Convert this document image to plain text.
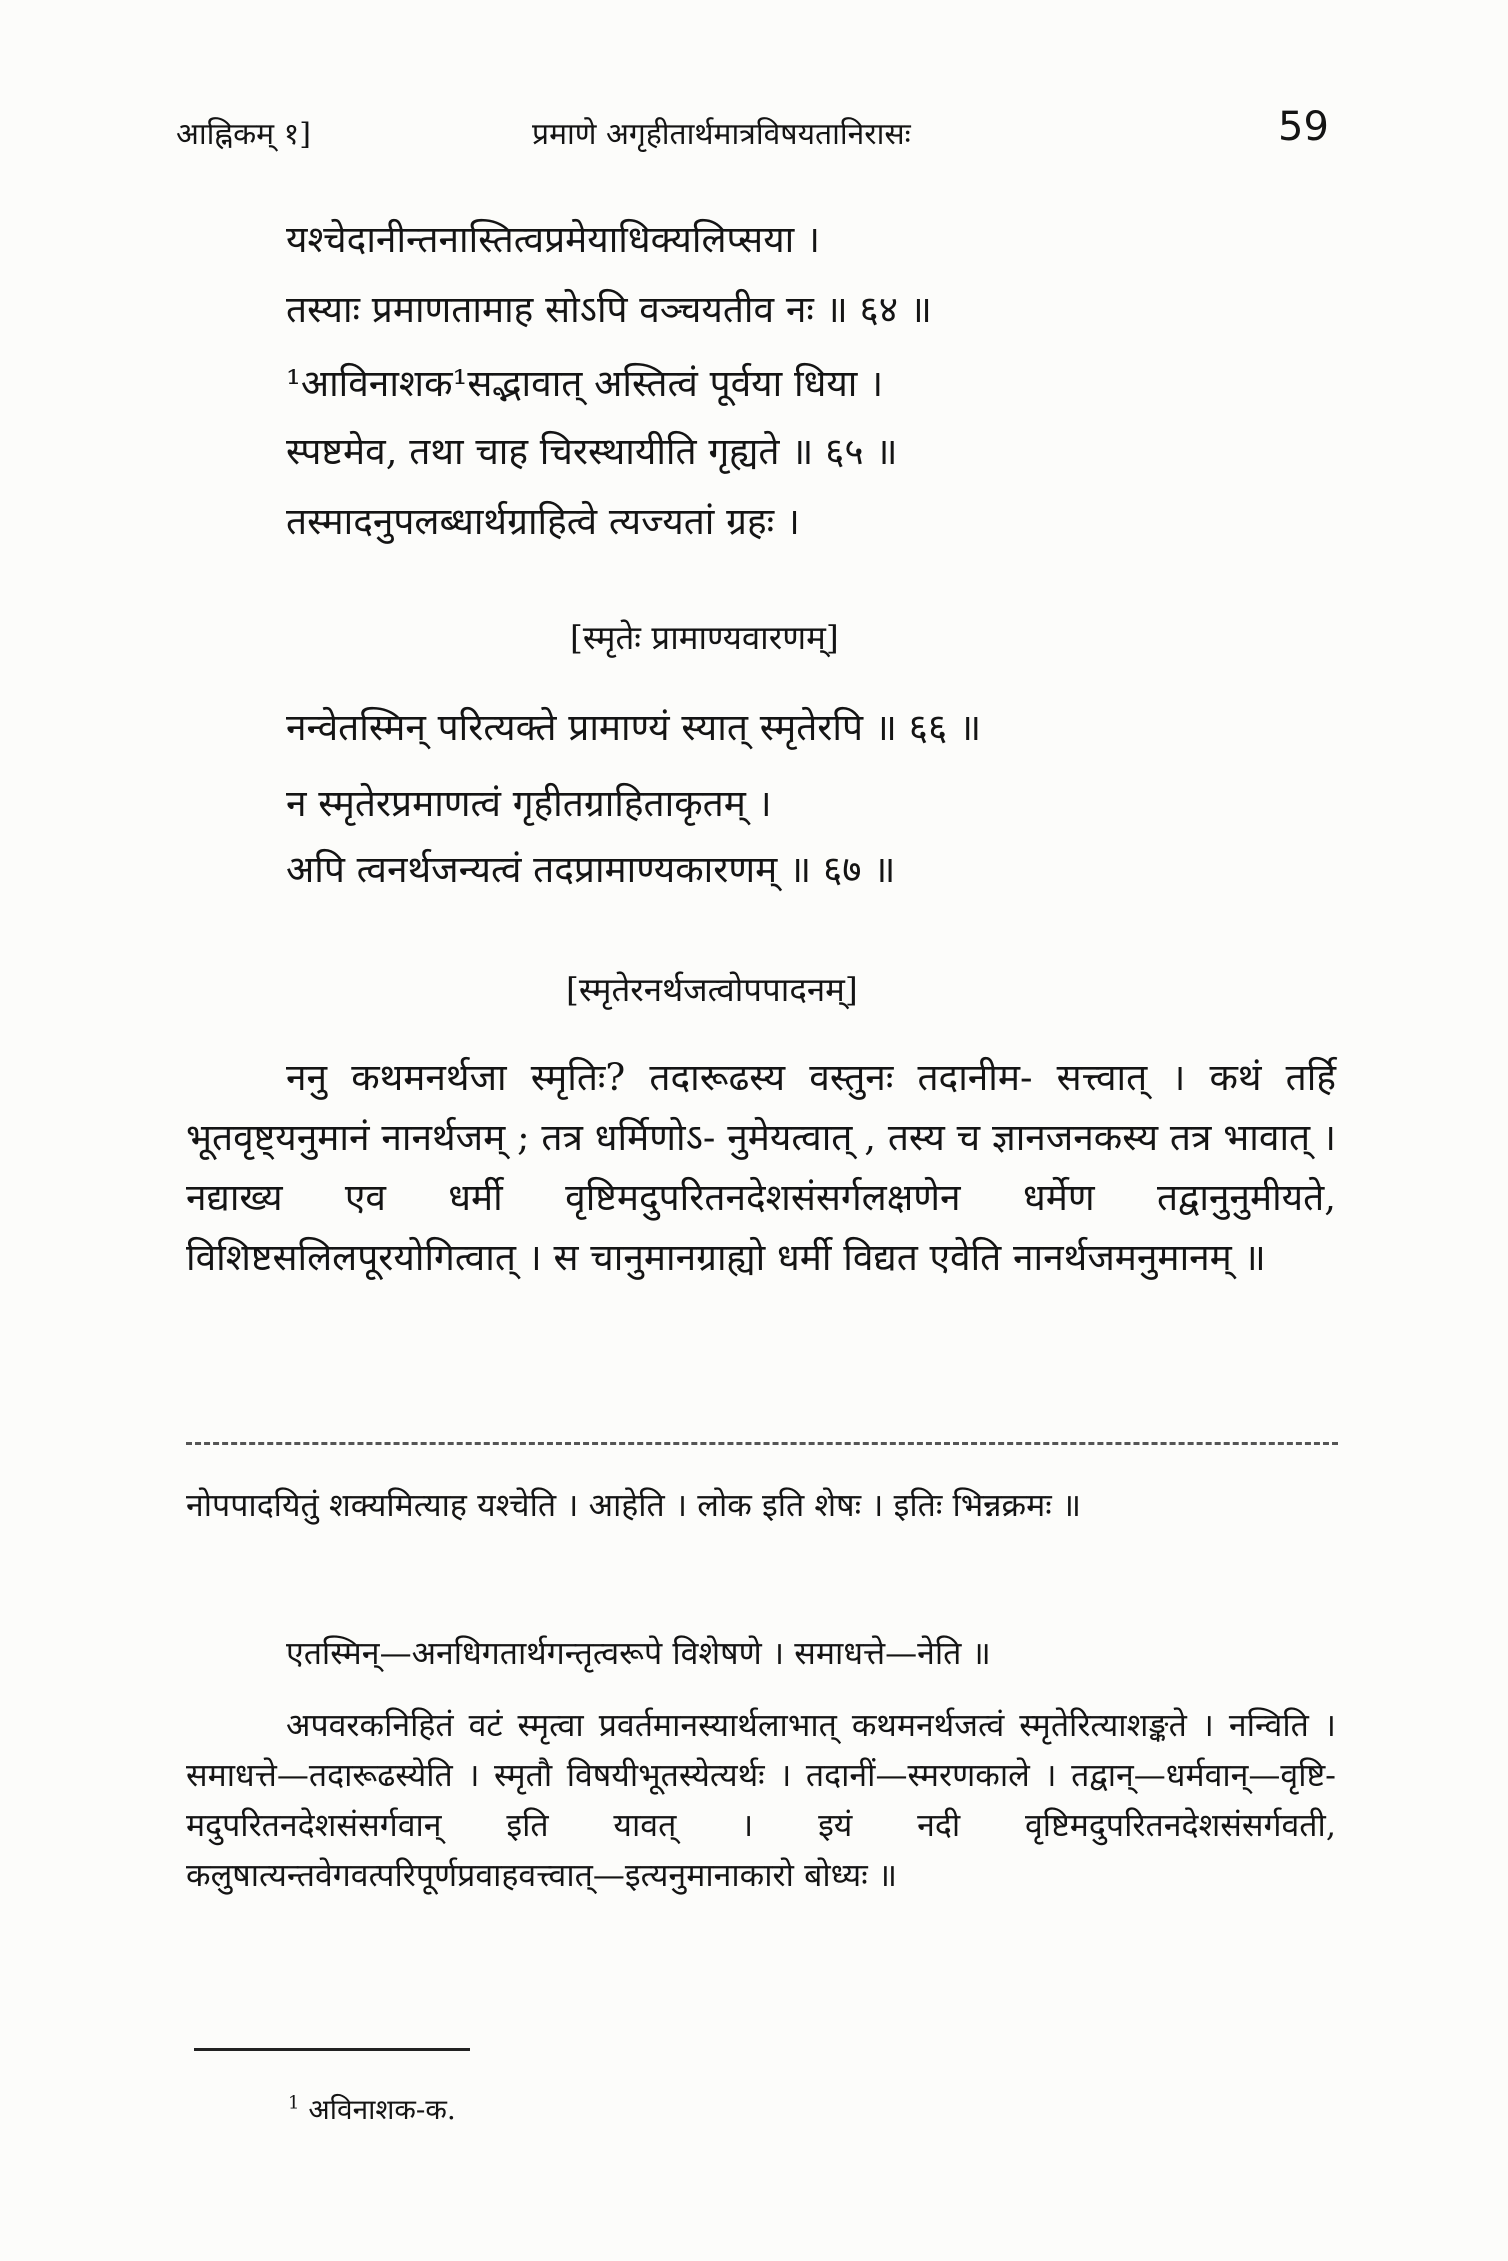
आह्निकम् १]	प्रमाणे अगृहीतार्थमात्रविषयतानिरासः	59
यश्चेदानीन्तनास्तित्वप्रमेयाधिक्यलिप्सया ।
तस्याः प्रमाणतामाह सोऽपि वञ्चयतीव नः ॥ ६४ ॥
¹आविनाशक¹सद्भावात् अस्तित्वं पूर्वया धिया ।
स्पष्टमेव, तथा चाह चिरस्थायीति गृह्यते ॥ ६५ ॥
तस्मादनुपलब्धार्थग्राहित्वे त्यज्यतां ग्रहः ।
[स्मृतेः प्रामाण्यवारणम्]
नन्वेतस्मिन् परित्यक्ते प्रामाण्यं स्यात् स्मृतेरपि ॥ ६६ ॥
न स्मृतेरप्रमाणत्वं गृहीतग्राहिताकृतम् ।
अपि त्वनर्थजन्यत्वं तदप्रामाण्यकारणम् ॥ ६७ ॥
[स्मृतेरनर्थजत्वोपपादनम्]

ननु कथमनर्थजा स्मृतिः? तदारूढस्य वस्तुनः तदानीम- सत्त्वात् । कथं तर्हि भूतवृष्ट्यनुमानं नानर्थजम् ; तत्र धर्मिणोऽ- नुमेयत्वात् , तस्य च ज्ञानजनकस्य तत्र भावात् । नद्याख्य एव धर्मी वृष्टिमदुपरितनदेशसंसर्गलक्षणेन धर्मेण तद्वानुनुमीयते, विशिष्टसलिलपूरयोगित्वात् । स चानुमानग्राह्यो धर्मी विद्यत एवेति नानर्थजमनुमानम् ॥

नोपपादयितुं शक्यमित्याह यश्चेति । आहेति । लोक इति शेषः । इतिः भिन्नक्रमः ॥

एतस्मिन्—अनधिगतार्थगन्तृत्वरूपे विशेषणे । समाधत्ते—नेति ॥

अपवरकनिहितं वटं स्मृत्वा प्रवर्तमानस्यार्थलाभात् कथमनर्थजत्वं स्मृतेरित्याशङ्कते । नन्विति । समाधत्ते—तदारूढस्येति । स्मृतौ विषयीभूतस्येत्यर्थः । तदानीं—स्मरणकाले । तद्वान्—धर्मवान्—वृष्टि- मदुपरितनदेशसंसर्गवान् इति यावत् । इयं नदी वृष्टिमदुपरितनदेशसंसर्गवती, कलुषात्यन्तवेगवत्परिपूर्णप्रवाहवत्त्वात्—इत्यनुमानाकारो बोध्यः ॥

$^1$ अविनाशक-क.
